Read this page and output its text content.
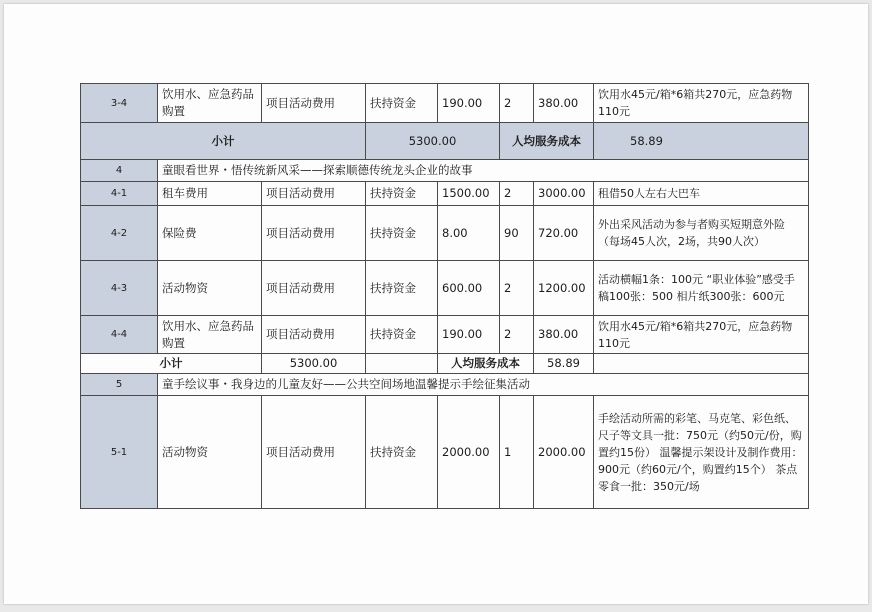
3-4	饮用水、应急药品购置	项目活动费用	扶持资金	190.00	2	380.00	饮用水45元/箱*6箱共270元，应急药物110元
小计			5300.00		人均服务成本		58.89
4	童眼看世界・悟传统新风采——探索顺德传统龙头企业的故事						
4-1	租车费用	项目活动费用	扶持资金	1500.00	2	3000.00	租借50人左右大巴车
4-2	保险费	项目活动费用	扶持资金	8.00	90	720.00	外出采风活动为参与者购买短期意外险（每场45人次，2场，共90人次）
4-3	活动物资	项目活动费用	扶持资金	600.00	2	1200.00	活动横幅1条：100元 “职业体验”感受手稿100张：500 相片纸300张：600元
4-4	饮用水、应急药品购置	项目活动费用	扶持资金	190.00	2	380.00	饮用水45元/箱*6箱共270元，应急药物110元
小计		5300.00		人均服务成本		58.89	
5	童手绘议事・我身边的儿童友好——公共空间场地温馨提示手绘征集活动						
5-1	活动物资	项目活动费用	扶持资金	2000.00	1	2000.00	手绘活动所需的彩笔、马克笔、彩色纸、尺子等文具一批：750元（约50元/份，购置约15份） 温馨提示架设计及制作费用：900元（约60元/个，购置约15个） 茶点零食一批：350元/场
